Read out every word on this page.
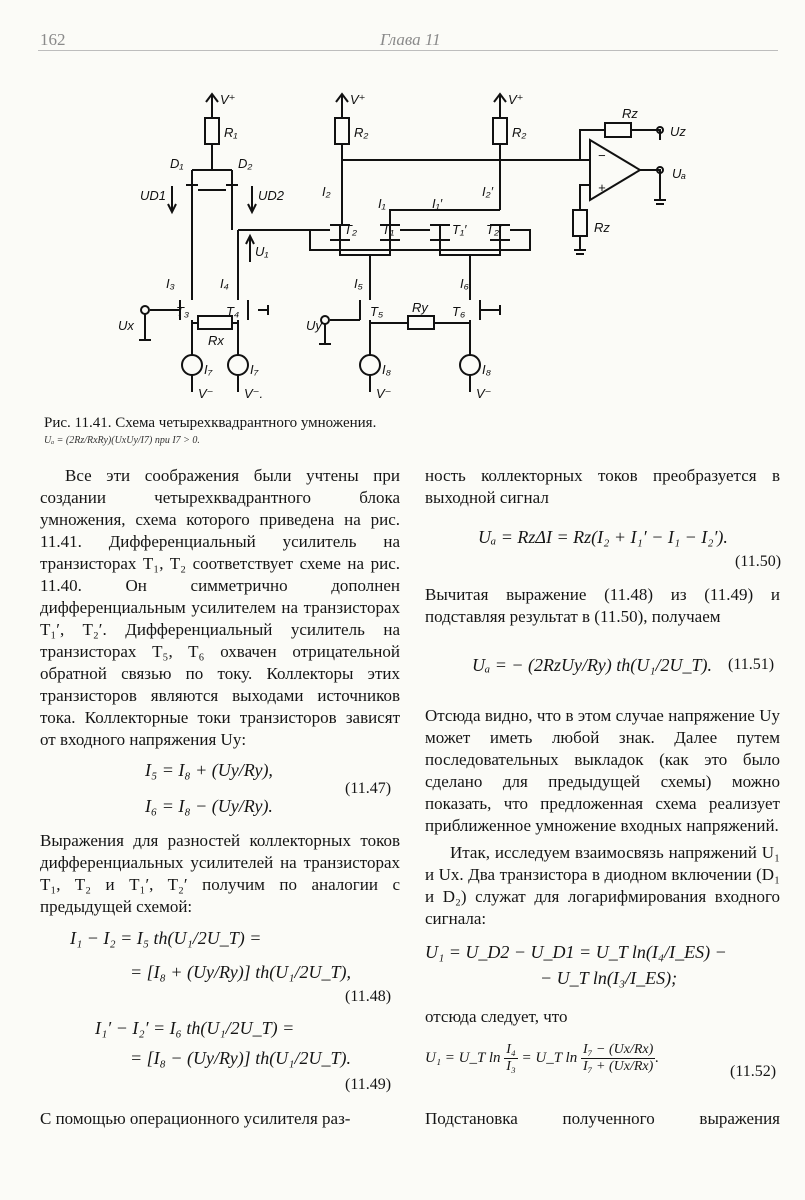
162	Глава 11
V⁺	V⁺	V⁺
R₁	R₂	R₂
D₁	D₂
UD1	UD2
U₁
I₂
I₁	I₁′
I₂′
T₂ T₁	T₁′ T₂′
Rz
Rz
Uz
Uₐ
−
+
I₃	I₄	I₅	I₆
T₃	T₄	T₅	T₆
Rx
Ry
Ux	Uy
I₇	I₇	I₈	I₈
V⁻ V⁻.	V⁻	V⁻
Рис. 11.41. Схема четырехквадрантного умножения.
Uₐ = (2Rz/RxRy)(UxUy/I7) при I7 > 0.

Все эти соображения были учтены при создании четырехквадрантного блока умножения, схема которого приведена на рис. 11.41. Дифференциальный усилитель на транзисторах T₁, T₂ соответствует схеме на рис. 11.40. Он симметрично дополнен дифференциальным усилителем на транзисторах T₁′, T₂′. Дифференциальный усилитель на транзисторах T₅, T₆ охвачен отрицательной обратной связью по току. Коллекторы этих транзисторов являются выходами источников тока. Коллекторные токи транзисторов зависят от входного напряжения Uy:

I₅ = I₈ + (Uy/Ry),
I₆ = I₈ − (Uy/Ry).
(11.47)

Выражения для разностей коллекторных токов дифференциальных усилителей на транзисторах T₁, T₂ и T₁′, T₂′ получим по аналогии с предыдущей схемой:

I₁ − I₂ = I₅ th(U₁/2U_T) =
= [I₈ + (Uy/Ry)] th(U₁/2U_T),
(11.48)
I₁′ − I₂′ = I₆ th(U₁/2U_T) =
= [I₈ − (Uy/Ry)] th(U₁/2U_T).
(11.49)

С помощью операционного усилителя раз-

ность коллекторных токов преобразуется в выходной сигнал

Uₐ = RzΔI = Rz(I₂ + I₁′ − I₁ − I₂′).
(11.50)

Вычитая выражение (11.48) из (11.49) и подставляя результат в (11.50), получаем

Uₐ = − (2RzUy/Ry) th(U₁/2U_T). (11.51)

Отсюда видно, что в этом случае напряжение Uy может иметь любой знак. Далее путем последовательных выкладок (как это было сделано для предыдущей схемы) можно показать, что предложенная схема реализует приближенное умножение входных напряжений.

Итак, исследуем взаимосвязь напряжений U₁ и Ux. Два транзистора в диодном включении (D₁ и D₂) служат для логарифмирования входного сигнала:

U₁ = U_D2 − U_D1 = U_T ln(I₄/I_ES) −
− U_T ln(I₃/I_ES);

отсюда следует, что

U₁ = U_T $\ln \frac{\text{I₄}}{\text{I₃}}$ = U_T $\ln \frac{\text{I₇ − (Ux/Rx)}}{\text{I₇ + (Ux/Rx)}}$ .
(11.52)

Подстановка полученного выражения
